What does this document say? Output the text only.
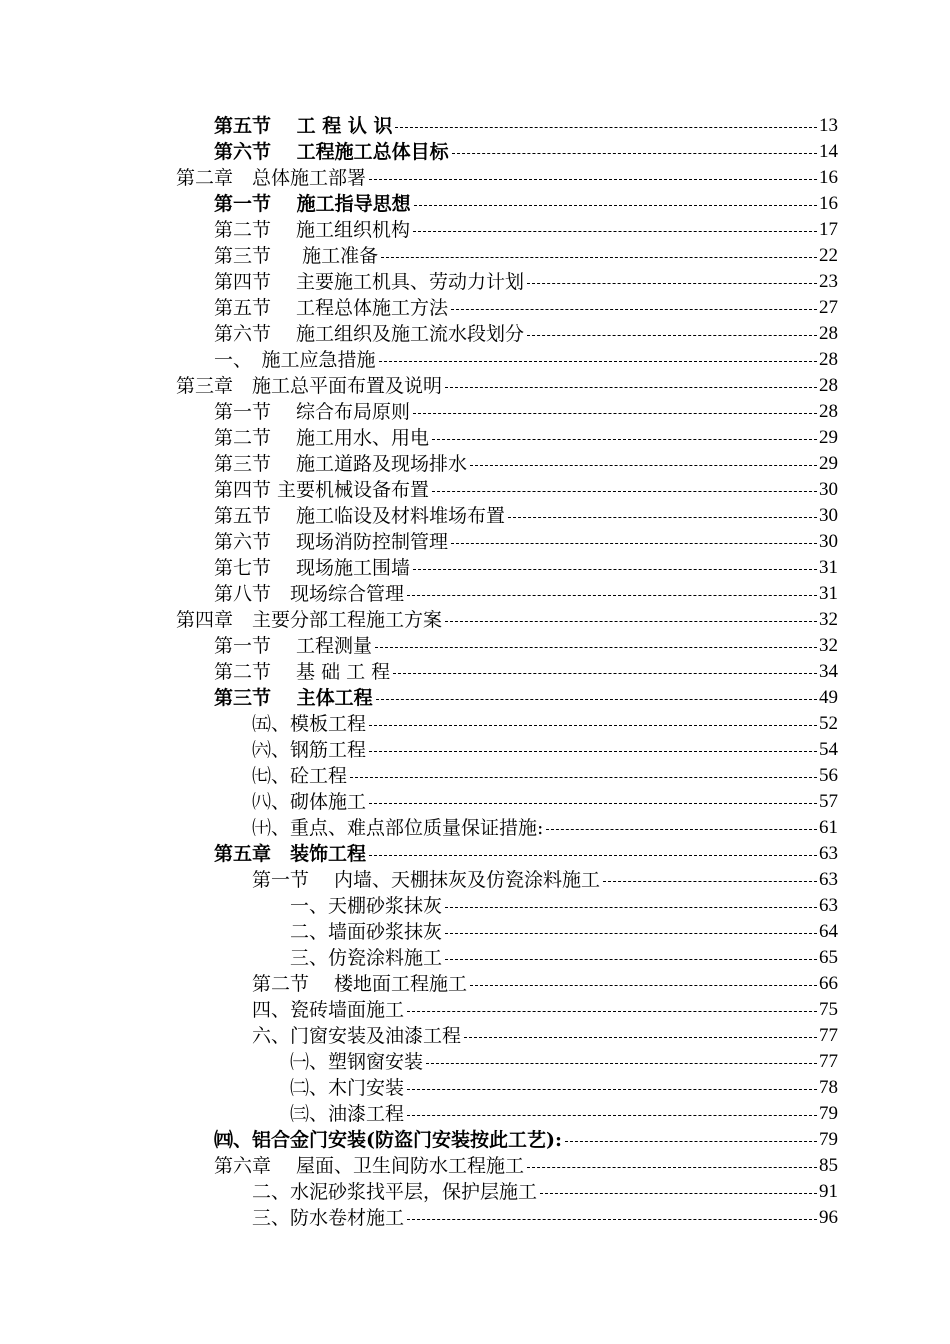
第五节　 工 程 认 识	13
第六节　 工程施工总体目标	14
第二章　总体施工部署	16
第一节　 施工指导思想	16
第二节　 施工组织机构	17
第三节　  施工准备	22
第四节　 主要施工机具、劳动力计划	23
第五节　 工程总体施工方法	27
第六节　 施工组织及施工流水段划分	28
一、　施工应急措施	28
第三章　施工总平面布置及说明	28
第一节　 综合布局原则	28
第二节　 施工用水、用电	29
第三节　 施工道路及现场排水	29
第四节 主要机械设备布置	30
第五节　 施工临设及材料堆场布置	30
第六节　 现场消防控制管理	30
第七节　 现场施工围墙	31
第八节　现场综合管理	31
第四章　主要分部工程施工方案	32
第一节　 工程测量	32
第二节　 基 础 工 程	34
第三节　 主体工程	49
㈤、模板工程	52
㈥、钢筋工程	54
㈦、砼工程	56
㈧、砌体施工	57
㈩、重点、难点部位质量保证措施:	61
第五章　装饰工程	63
第一节　 内墙、天棚抹灰及仿瓷涂料施工	63
一、天棚砂浆抹灰	63
二、墙面砂浆抹灰	64
三、仿瓷涂料施工	65
第二节　 楼地面工程施工	66
四、瓷砖墙面施工	75
六、门窗安装及油漆工程	77
㈠、塑钢窗安装	77
㈡、木门安装	78
㈢、油漆工程	79
㈣、铝合金门安装(防盗门安装按此工艺):	79
第六章　 屋面、卫生间防水工程施工	85
二、水泥砂浆找平层，保护层施工	91
三、防水卷材施工	96
